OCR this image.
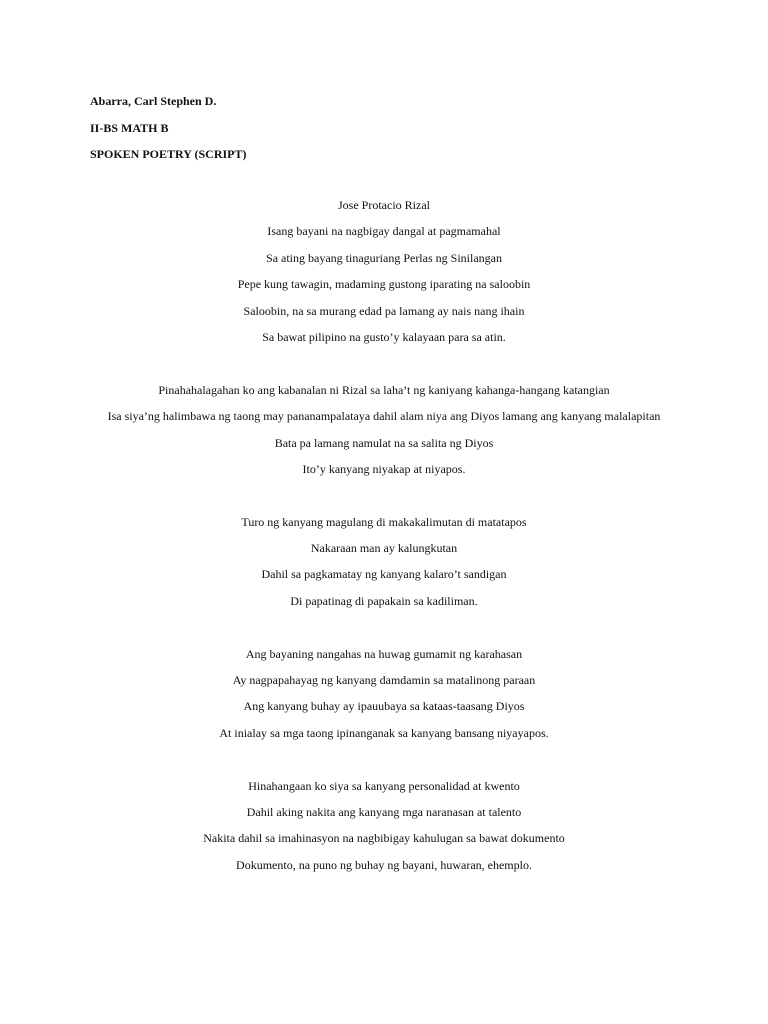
Abarra, Carl Stephen D.
II-BS MATH B
SPOKEN POETRY (SCRIPT)
Jose Protacio Rizal
Isang bayani na nagbigay dangal at pagmamahal
Sa ating bayang tinaguriang Perlas ng Sinilangan
Pepe kung tawagin, madaming gustong iparating na saloobin
Saloobin, na sa murang edad pa lamang ay nais nang ihain
Sa bawat pilipino na gusto’y kalayaan para sa atin.
Pinahahalagahan ko ang kabanalan ni Rizal sa laha’t ng kaniyang kahanga-hangang katangian
Isa siya’ng halimbawa ng taong may pananampalataya dahil alam niya ang Diyos lamang ang kanyang malalapitan
Bata pa lamang namulat na sa salita ng Diyos
Ito’y kanyang niyakap at niyapos.
Turo ng kanyang magulang di makakalimutan di matatapos
Nakaraan man ay kalungkutan
Dahil sa pagkamatay ng kanyang kalaro’t sandigan
Di papatinag di papakain sa kadiliman.
Ang bayaning nangahas na huwag gumamit ng karahasan
Ay nagpapahayag ng kanyang damdamin sa matalinong paraan
Ang kanyang buhay ay ipauubaya sa kataas-taasang Diyos
At inialay sa mga taong ipinanganak sa kanyang bansang niyayapos.
Hinahangaan ko siya sa kanyang personalidad at kwento
Dahil aking nakita ang kanyang mga naranasan at talento
Nakita dahil sa imahinasyon na nagbibigay kahulugan sa bawat dokumento
Dokumento, na puno ng buhay ng bayani, huwaran, ehemplo.
